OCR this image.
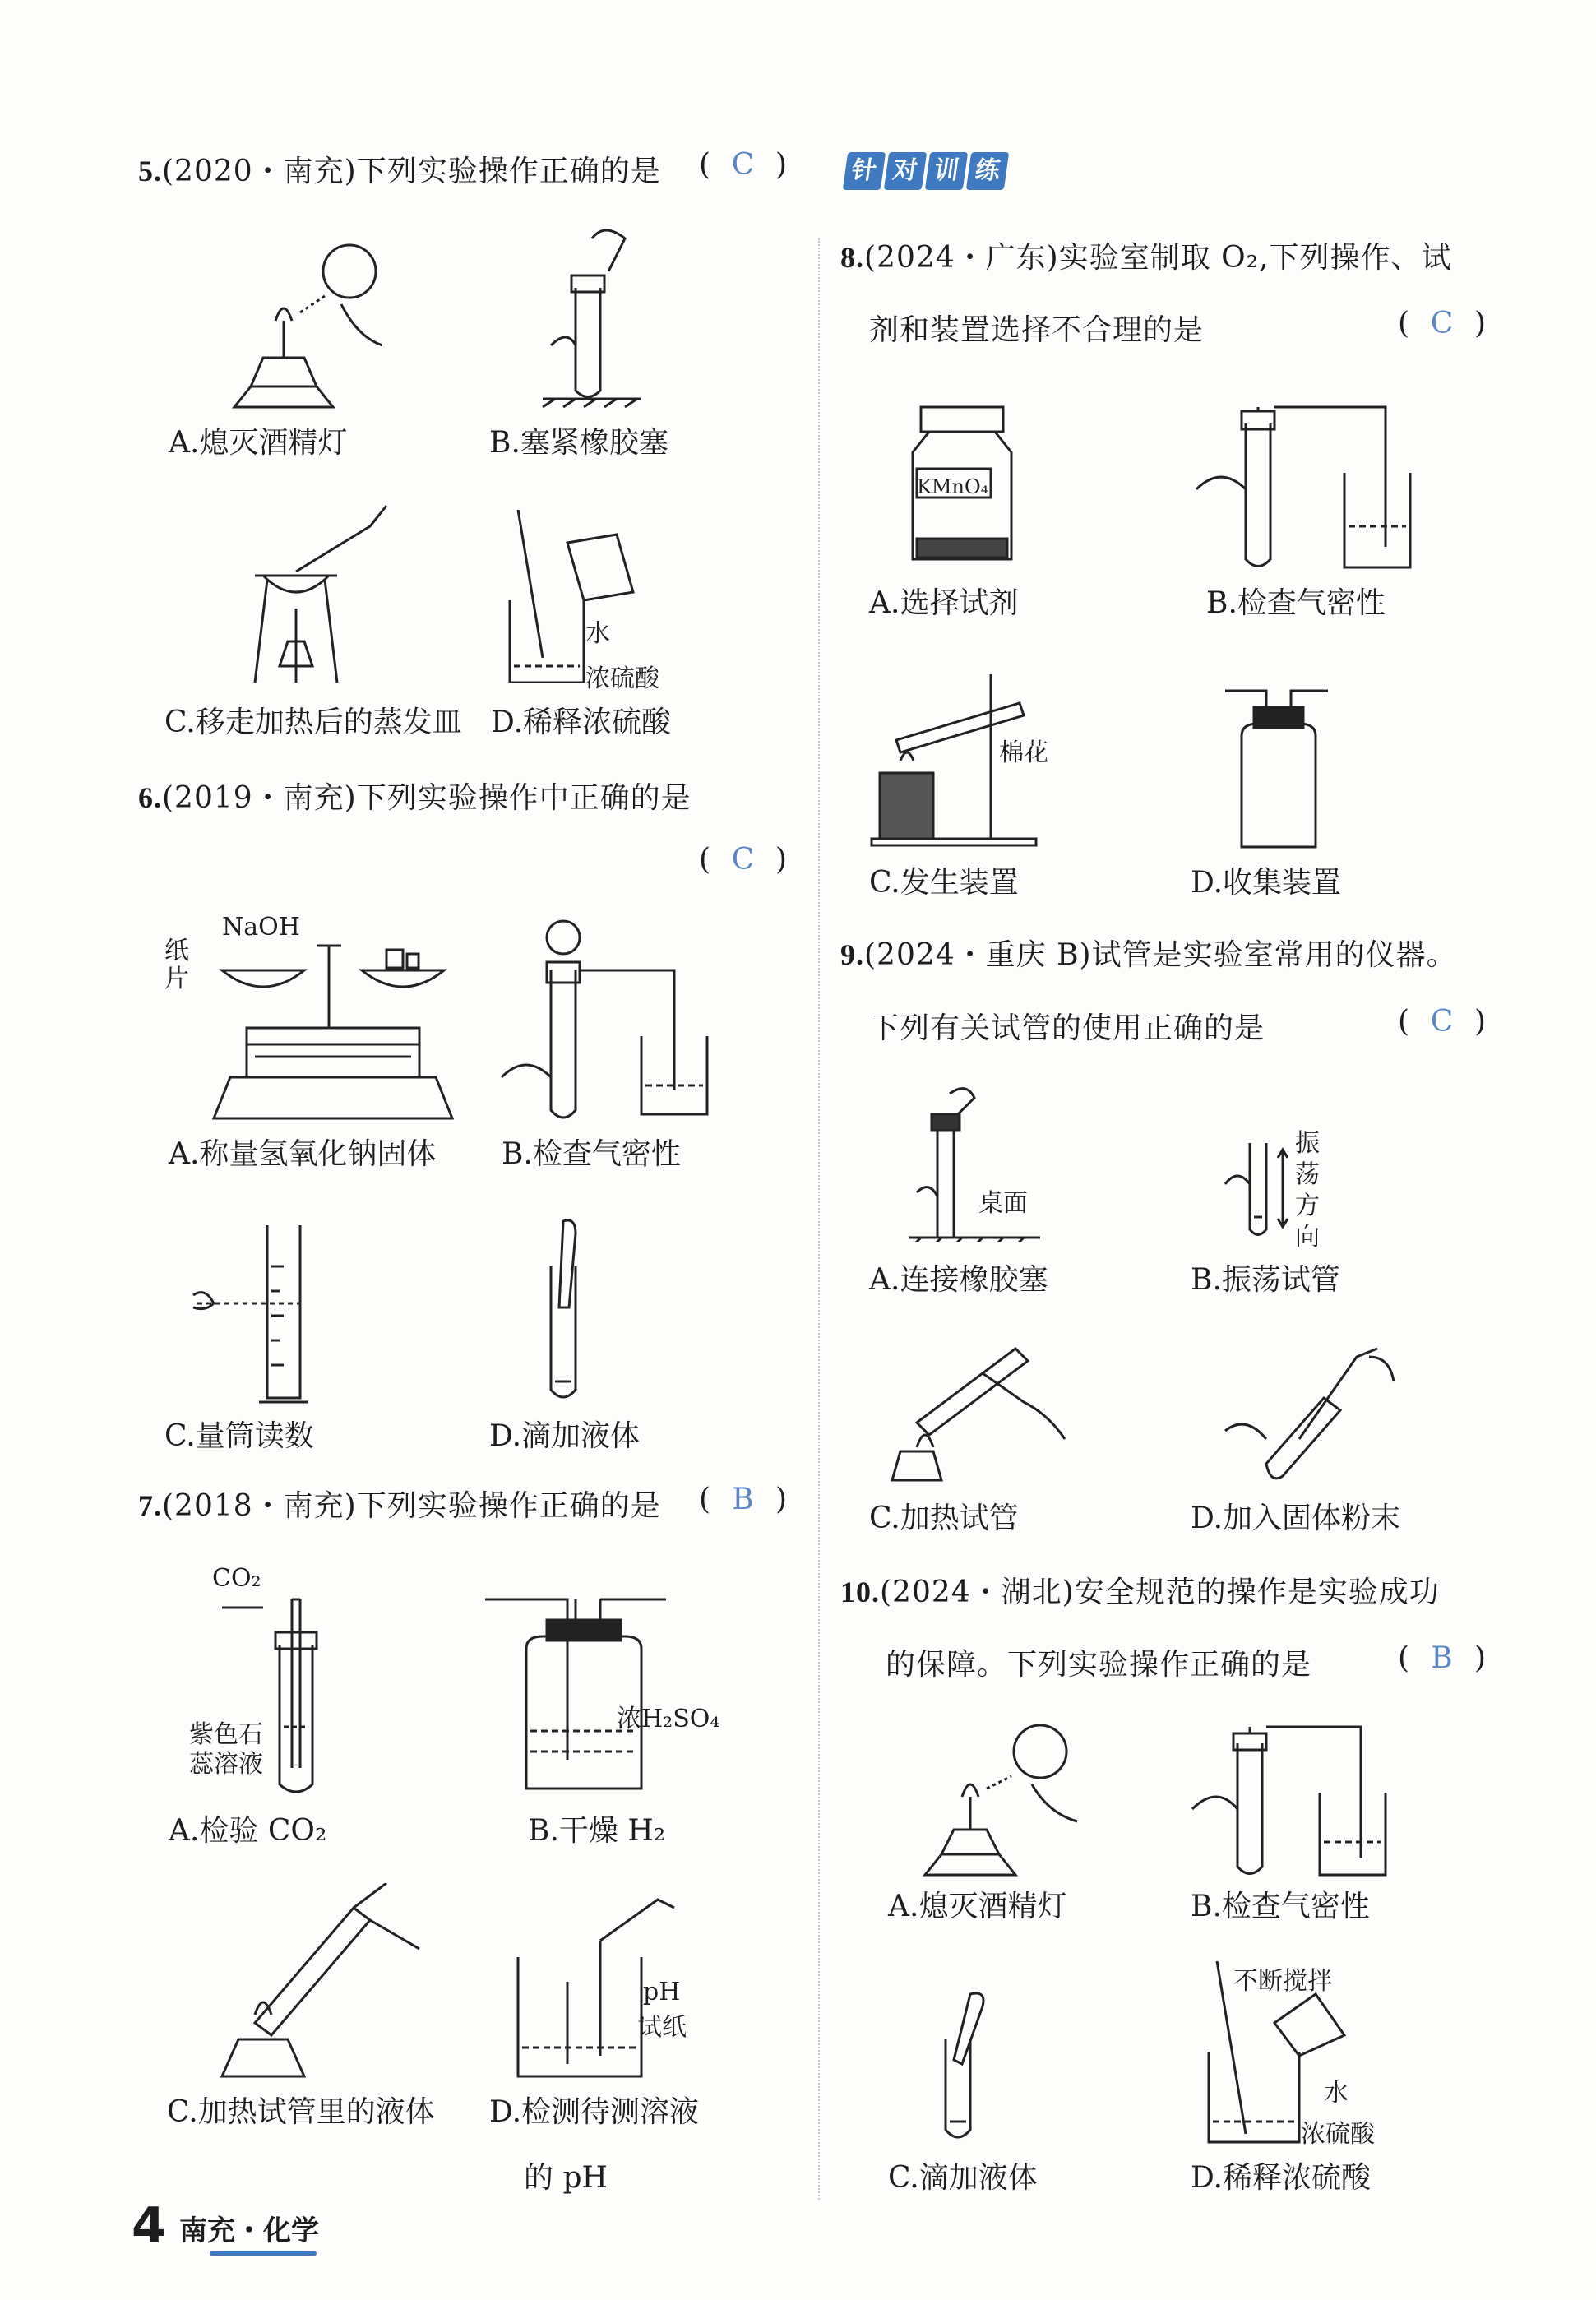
5.(2020・南充)下列实验操作正确的是 ( C )
A.熄灭酒精灯	B.塞紧橡胶塞
水
浓硫酸
C.移走加热后的蒸发皿 D.稀释浓硫酸
6.(2019・南充)下列实验操作中正确的是
( C )
NaOH
纸片
A.称量氢氧化钠固体 B.检查气密性
C.量筒读数	D.滴加液体
7.(2018・南充)下列实验操作正确的是 ( B )
CO₂
紫色石蕊溶液
浓H₂SO₄
A.检验 CO₂	B.干燥 H₂
pH
试纸
C.加热试管里的液体 D.检测待测溶液
的 pH
针 对 训 练
8.(2024・广东)实验室制取 O₂,下列操作、试
剂和装置选择不合理的是	( C )
KMnO₄
A.选择试剂	B.检查气密性
棉花
C.发生装置	D.收集装置
9.(2024・重庆 B)试管是实验室常用的仪器。
下列有关试管的使用正确的是	( C )
桌面
振荡方向
A.连接橡胶塞	B.振荡试管
C.加热试管	D.加入固体粉末
10.(2024・湖北)安全规范的操作是实验成功
的保障。下列实验操作正确的是	( B )
A.熄灭酒精灯	B.检查气密性
不断搅拌
水
浓硫酸
C.滴加液体	D.稀释浓硫酸
4 南充・化学
